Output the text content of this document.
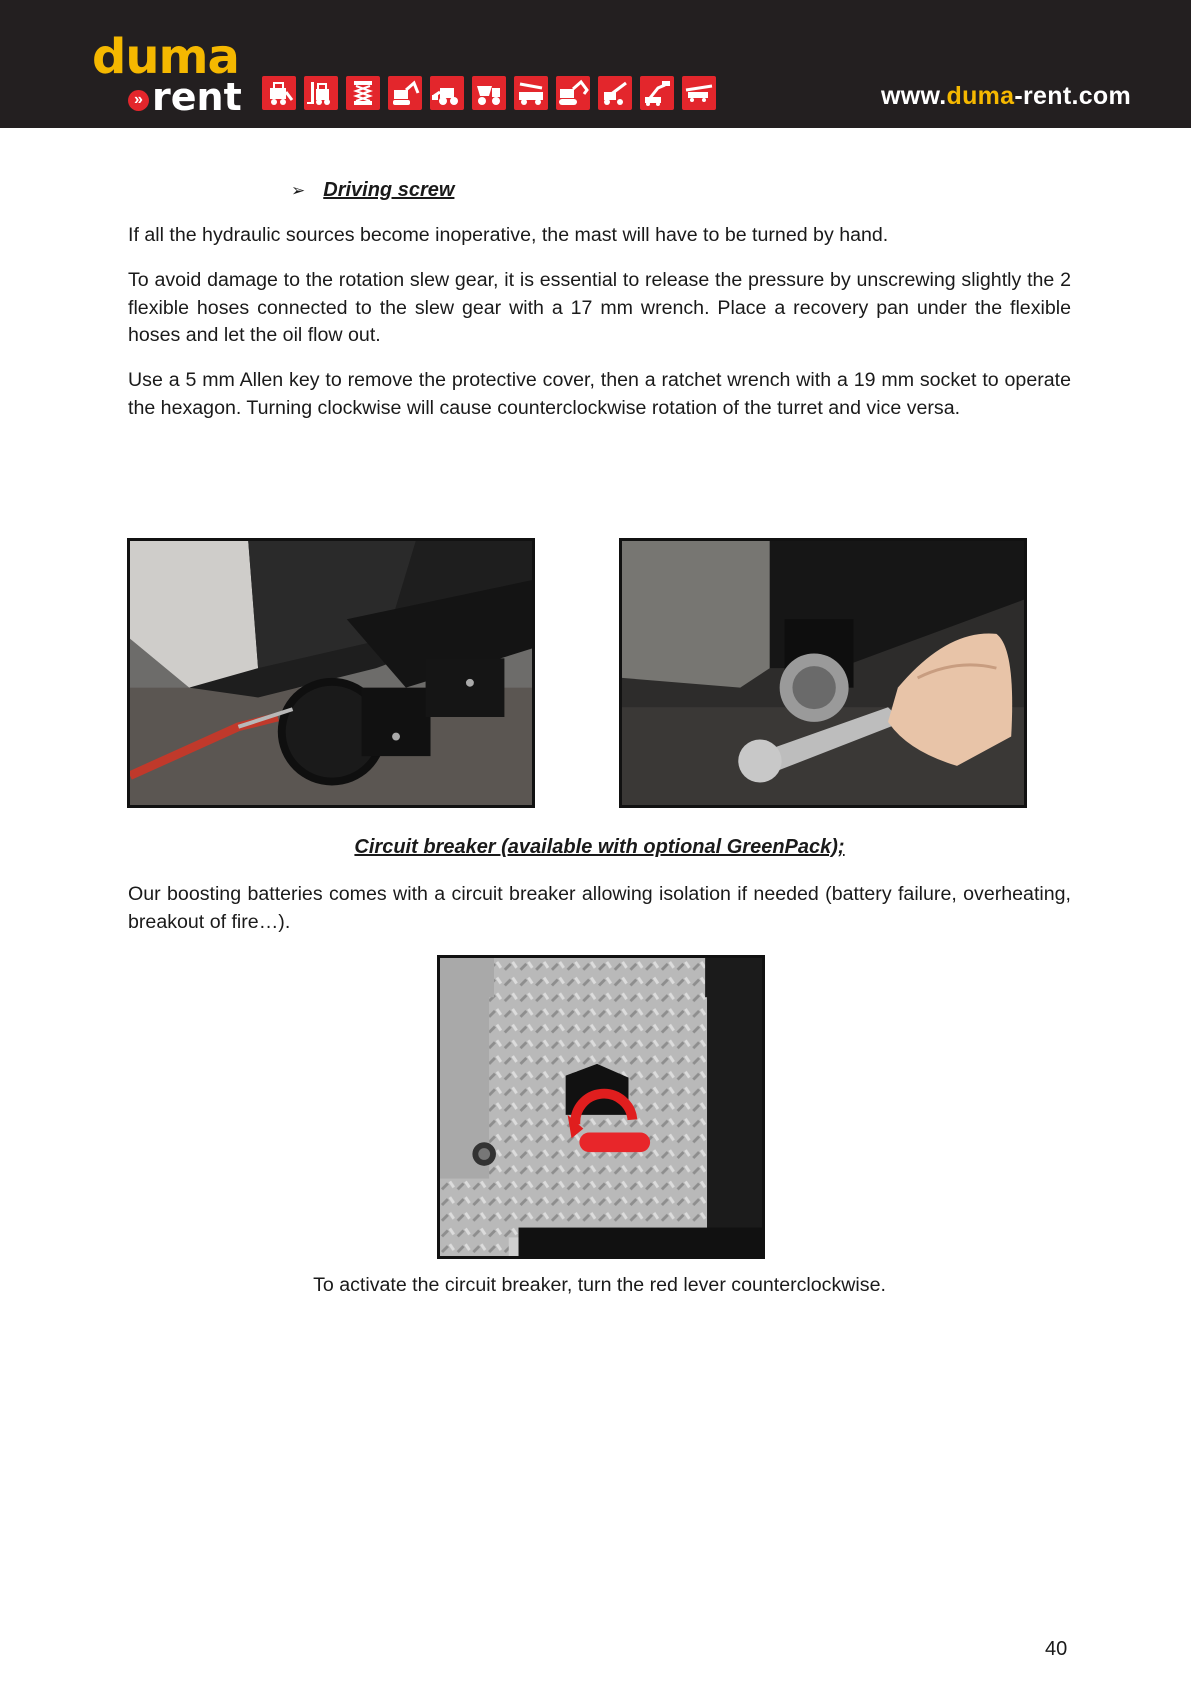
duma
» rent	www.duma-rent.com
➢ Driving screw

If all the hydraulic sources become inoperative, the mast will have to be turned by hand.

To avoid damage to the rotation slew gear, it is essential to release the pressure by unscrewing slightly the 2 flexible hoses connected to the slew gear with a 17 mm wrench. Place a recovery pan under the flexible hoses and let the oil flow out.

Use a 5 mm Allen key to remove the protective cover, then a ratchet wrench with a 19 mm socket to operate the hexagon. Turning clockwise will cause counterclockwise rotation of the turret and vice versa.

Circuit breaker (available with optional GreenPack);

Our boosting batteries comes with a circuit breaker allowing isolation if needed (battery failure, overheating, breakout of fire…).

To activate the circuit breaker, turn the red lever counterclockwise.
40
